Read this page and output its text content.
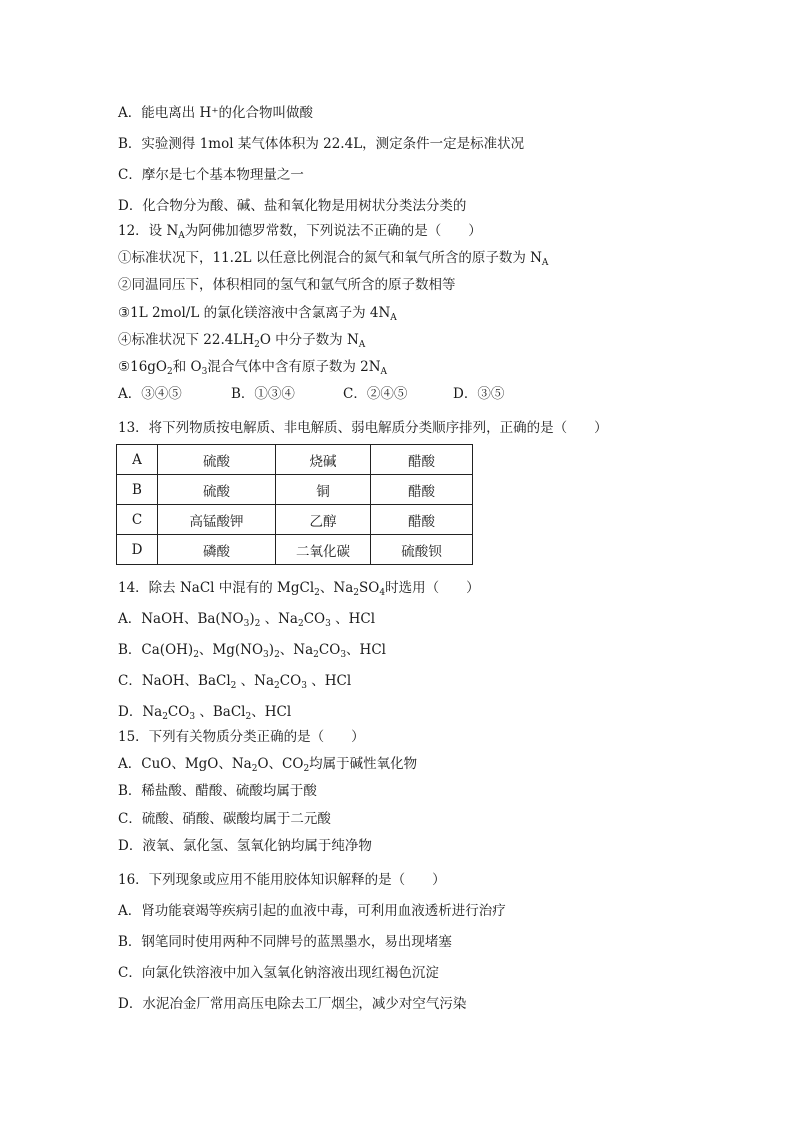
A．能电离出 H⁺的化合物叫做酸
B．实验测得 1mol 某气体体积为 22.4L，测定条件一定是标准状况
C．摩尔是七个基本物理量之一
D．化合物分为酸、碱、盐和氧化物是用树状分类法分类的
12．设 $N_A$为阿佛加德罗常数，下列说法不正确的是（　　）
①标准状况下，11.2L 以任意比例混合的氮气和氧气所含的原子数为 $N_A$
②同温同压下，体积相同的氢气和氩气所含的原子数相等
③1L 2mol/L 的氯化镁溶液中含氯离子为 $4N_A$
④标准状况下 $22.4LH_2O$ 中分子数为 $N_A$
$⑤16gO_2$和 $O_3$混合气体中含有原子数为 $2N_A$
A．③④⑤	B．①③④	C．②④⑤	D．③⑤
13．将下列物质按电解质、非电解质、弱电解质分类顺序排列，正确的是（　　）
A	硫酸	烧碱	醋酸
B	硫酸	铜	醋酸
C	高锰酸钾	乙醇	醋酸
D	磷酸	二氧化碳	硫酸钡
14．除去 NaCl 中混有的 MgCl$_2$、$Na_2SO_4$时选用（　　）
A．NaOH、$Ba(NO_3)_2$ 、$Na_2CO_3$ 、HCl
B．$Ca(OH)_2$、$Mg(NO_3)_2$、$Na_2CO_3$、HCl
C．NaOH、BaCl$_2$ 、$Na_2CO_3$ 、HCl
D．$Na_2CO_3$ 、BaCl$_2$、HCl
15．下列有关物质分类正确的是（　　）
A．CuO、MgO、$Na_2O$、$CO_2$均属于碱性氧化物
B．稀盐酸、醋酸、硫酸均属于酸
C．硫酸、硝酸、碳酸均属于二元酸
D．液氧、氯化氢、氢氧化钠均属于纯净物
16．下列现象或应用不能用胶体知识解释的是（　　）
A．肾功能衰竭等疾病引起的血液中毒，可利用血液透析进行治疗
B．钢笔同时使用两种不同牌号的蓝黑墨水，易出现堵塞
C．向氯化铁溶液中加入氢氧化钠溶液出现红褐色沉淀
D．水泥冶金厂常用高压电除去工厂烟尘，减少对空气污染
